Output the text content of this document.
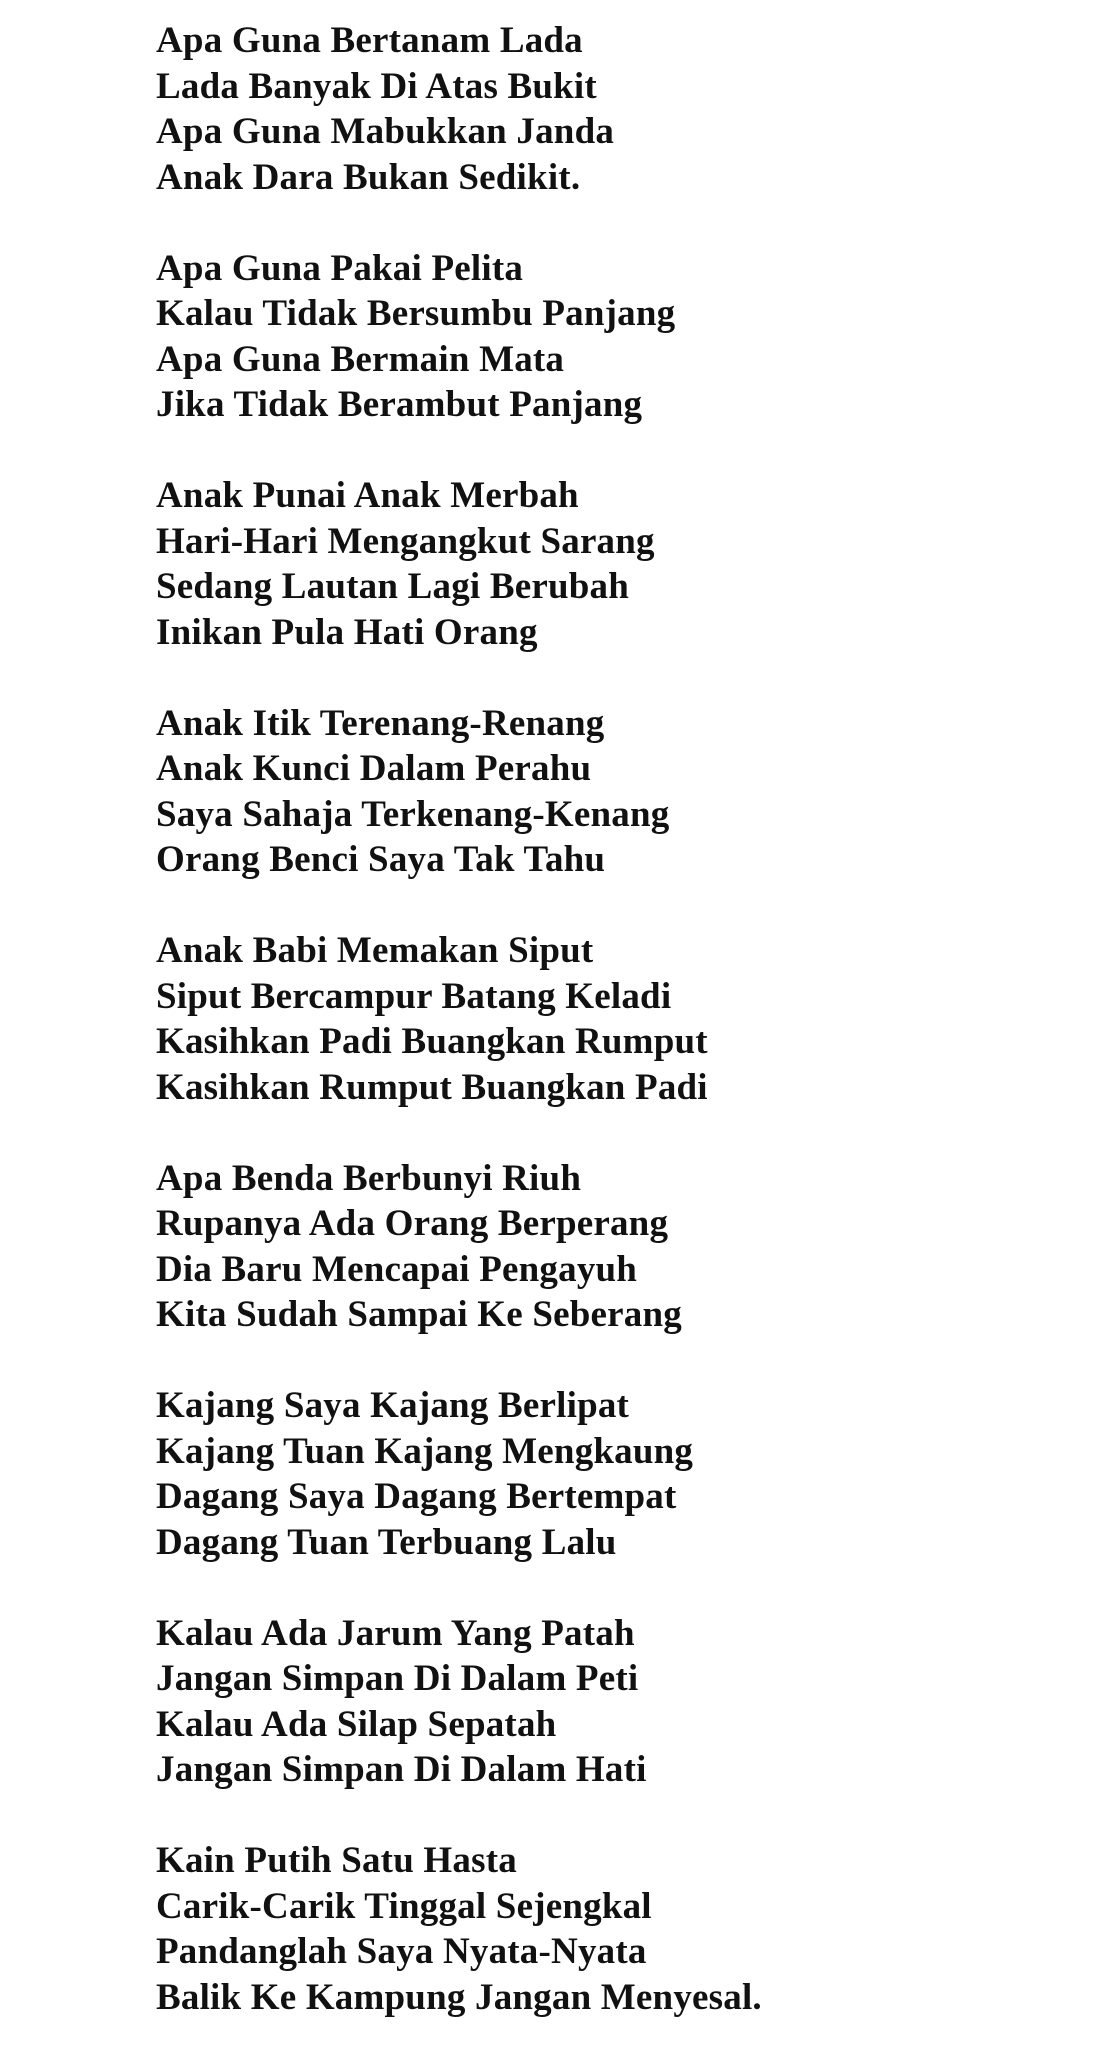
Apa Guna Bertanam Lada
Lada Banyak Di Atas Bukit
Apa Guna Mabukkan Janda
Anak Dara Bukan Sedikit.
Apa Guna Pakai Pelita
Kalau Tidak Bersumbu Panjang
Apa Guna Bermain Mata
Jika Tidak Berambut Panjang
Anak Punai Anak Merbah
Hari-Hari Mengangkut Sarang
Sedang Lautan Lagi Berubah
Inikan Pula Hati Orang
Anak Itik Terenang-Renang
Anak Kunci Dalam Perahu
Saya Sahaja Terkenang-Kenang
Orang Benci Saya Tak Tahu
Anak Babi Memakan Siput
Siput Bercampur Batang Keladi
Kasihkan Padi Buangkan Rumput
Kasihkan Rumput Buangkan Padi
Apa Benda Berbunyi Riuh
Rupanya Ada Orang Berperang
Dia Baru Mencapai Pengayuh
Kita Sudah Sampai Ke Seberang
Kajang Saya Kajang Berlipat
Kajang Tuan Kajang Mengkaung
Dagang Saya Dagang Bertempat
Dagang Tuan Terbuang Lalu
Kalau Ada Jarum Yang Patah
Jangan Simpan Di Dalam Peti
Kalau Ada Silap Sepatah
Jangan Simpan Di Dalam Hati
Kain Putih Satu Hasta
Carik-Carik Tinggal Sejengkal
Pandanglah Saya Nyata-Nyata
Balik Ke Kampung Jangan Menyesal.
